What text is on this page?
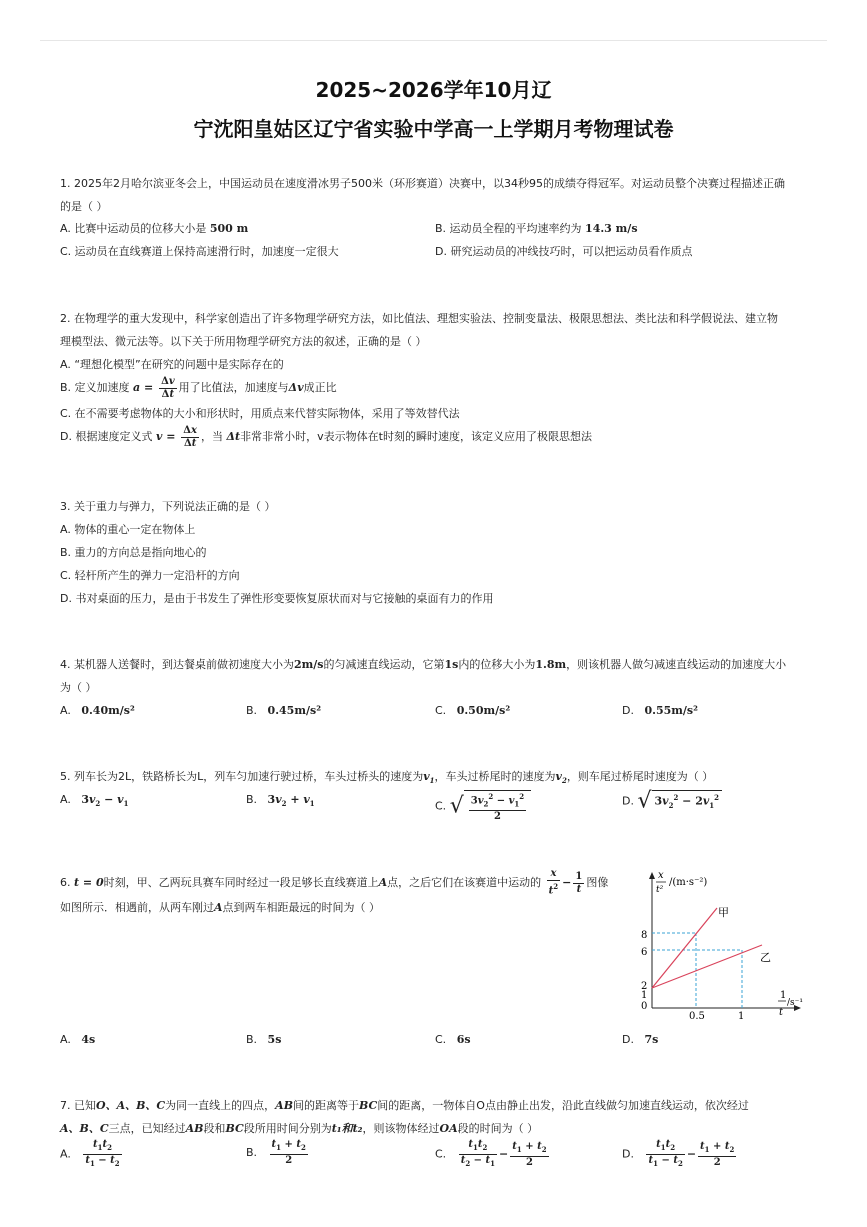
2025~2026学年10月辽
宁沈阳皇姑区辽宁省实验中学高一上学期月考物理试卷
1. 2025年2月哈尔滨亚冬会上，中国运动员在速度滑冰男子500米（环形赛道）决赛中，以34秒95的成绩夺得冠军。对运动员整个决赛过程描述正确
的是（ ）
A. 比赛中运动员的位移大小是 500 m	B. 运动员全程的平均速率约为 14.3 m/s
C. 运动员在直线赛道上保持高速滑行时，加速度一定很大	D. 研究运动员的冲线技巧时，可以把运动员看作质点
2. 在物理学的重大发现中，科学家创造出了许多物理学研究方法，如比值法、理想实验法、控制变量法、极限思想法、类比法和科学假说法、建立物
理模型法、微元法等。以下关于所用物理学研究方法的叙述，正确的是（ ）
A. “理想化模型”在研究的问题中是实际存在的
B. 定义加速度 $a = \frac{\Delta v}{\Delta t}$ 用了比值法，加速度与Δv成正比
C. 在不需要考虑物体的大小和形状时，用质点来代替实际物体，采用了等效替代法
D. 根据速度定义式 $v = \frac{\Delta x}{\Delta t}$ ，当 Δt非常非常小时，v表示物体在t时刻的瞬时速度，该定义应用了极限思想法
3. 关于重力与弹力，下列说法正确的是（ ）
A. 物体的重心一定在物体上
B. 重力的方向总是指向地心的
C. 轻杆所产生的弹力一定沿杆的方向
D. 书对桌面的压力，是由于书发生了弹性形变要恢复原状而对与它接触的桌面有力的作用
4. 某机器人送餐时，到达餐桌前做初速度大小为2m/s的匀减速直线运动，它第1s内的位移大小为1.8m，则该机器人做匀减速直线运动的加速度大小
为（ ）
A. 0.40m/s²	B. 0.45m/s²	C. 0.50m/s²	D. 0.55m/s²
5. 列车长为2L，铁路桥长为L，列车匀加速行驶过桥，车头过桥头的速度为$v_1$，车头过桥尾时的速度为$v_2$，则车尾过桥尾时速度为（ ）
A. $3v_2 - v_1$	B. $3v_2 + v_1$	C. √ $\frac{3v_2^2 - v_1^2}{2}$	D. √ $3v_2^2 - 2v_1^2$
6. t = 0时刻，甲、乙两玩具赛车同时经过一段足够长直线赛道上A点，之后它们在该赛道中运动的 $\frac{x}{t^2} - \frac{1}{t}$ 图像
如图所示．相遇前，从两车刚过A点到两车相距最远的时间为（ ）
x t²
/(m·s⁻²)
1
t
/s⁻¹
8
6
2
1
0
0.5	1
甲
乙
A. 4s	B. 5s	C. 6s	D. 7s
7. 已知O、A、B、C为同一直线上的四点，AB间的距离等于BC间的距离，一物体自O点由静止出发，沿此直线做匀加速直线运动，依次经过
A、B、C三点，已知经过AB段和BC段所用时间分别为t₁和t₂，则该物体经过OA段的时间为（ ）
A. $\frac{t_1t_2}{t_1 - t_2}$	B. $\frac{t_1 + t_2}{2}$	C. $\frac{t_1t_2}{t_2 - t_1} - \frac{t_1 + t_2}{2}$	D. $\frac{t_1t_2}{t_1 - t_2} - \frac{t_1 + t_2}{2}$
